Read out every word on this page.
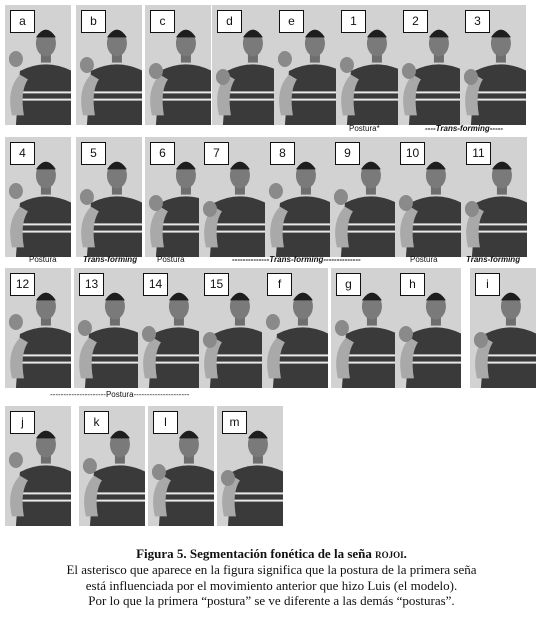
a	b	c	d	e	1	2	3
Postura*	----Trans-forming-----
4	5	6	7	8	9	10	11
Postura	Trans-forming Postura	--------------Trans-forming--------------	Postura	Trans-forming
12	13	14	15	f	g	h	i
---------------------Postura---------------------
j	k	l	m
Figura 5. Segmentación fonética de la seña rojoi.
El asterisco que aparece en la figura significa que la postura de la primera seña
está influenciada por el movimiento anterior que hizo Luis (el modelo).
Por lo que la primera “postura” se ve diferente a las demás “posturas”.
